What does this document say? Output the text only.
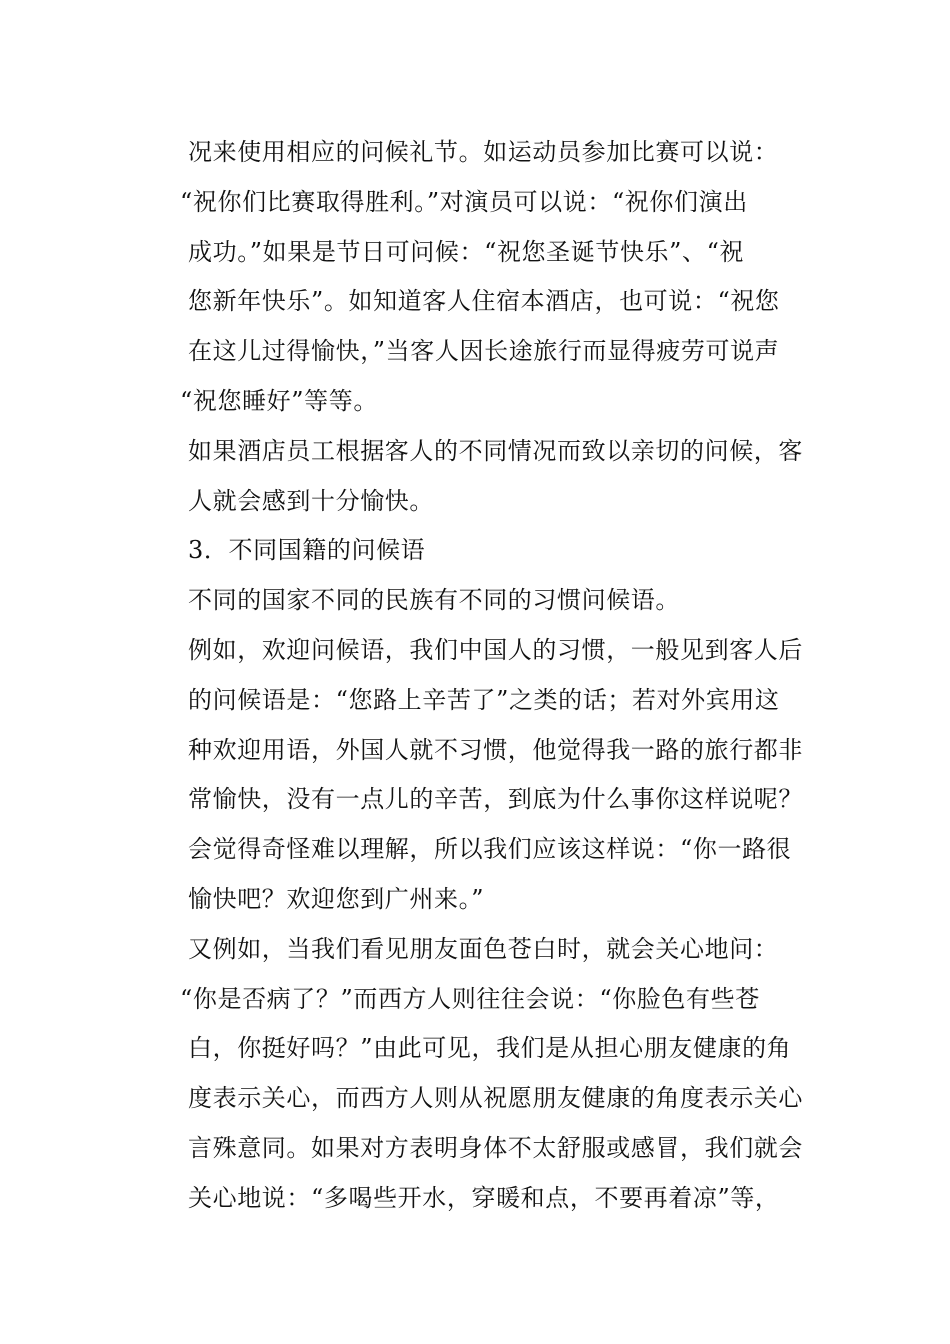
况来使用相应的问候礼节。如运动员参加比赛可以说：
“祝你们比赛取得胜利。”对演员可以说：“祝你们演出
成功。”如果是节日可问候：“祝您圣诞节快乐”、“祝
您新年快乐”。如知道客人住宿本酒店，也可说：“祝您
在这儿过得愉快，”当客人因长途旅行而显得疲劳可说声
“祝您睡好”等等。
如果酒店员工根据客人的不同情况而致以亲切的问候，客
人就会感到十分愉快。
3．不同国籍的问候语
不同的国家不同的民族有不同的习惯问候语。
例如，欢迎问候语，我们中国人的习惯，一般见到客人后
的问候语是：“您路上辛苦了”之类的话；若对外宾用这
种欢迎用语，外国人就不习惯，他觉得我一路的旅行都非
常愉快，没有一点儿的辛苦，到底为什么事你这样说呢？
会觉得奇怪难以理解，所以我们应该这样说：“你一路很
愉快吧？欢迎您到广州来。”
又例如，当我们看见朋友面色苍白时，就会关心地问：
“你是否病了？”而西方人则往往会说：“你脸色有些苍
白，你挺好吗？”由此可见，我们是从担心朋友健康的角
度表示关心，而西方人则从祝愿朋友健康的角度表示关心
言殊意同。如果对方表明身体不太舒服或感冒，我们就会
关心地说：“多喝些开水，穿暖和点，不要再着凉”等，
